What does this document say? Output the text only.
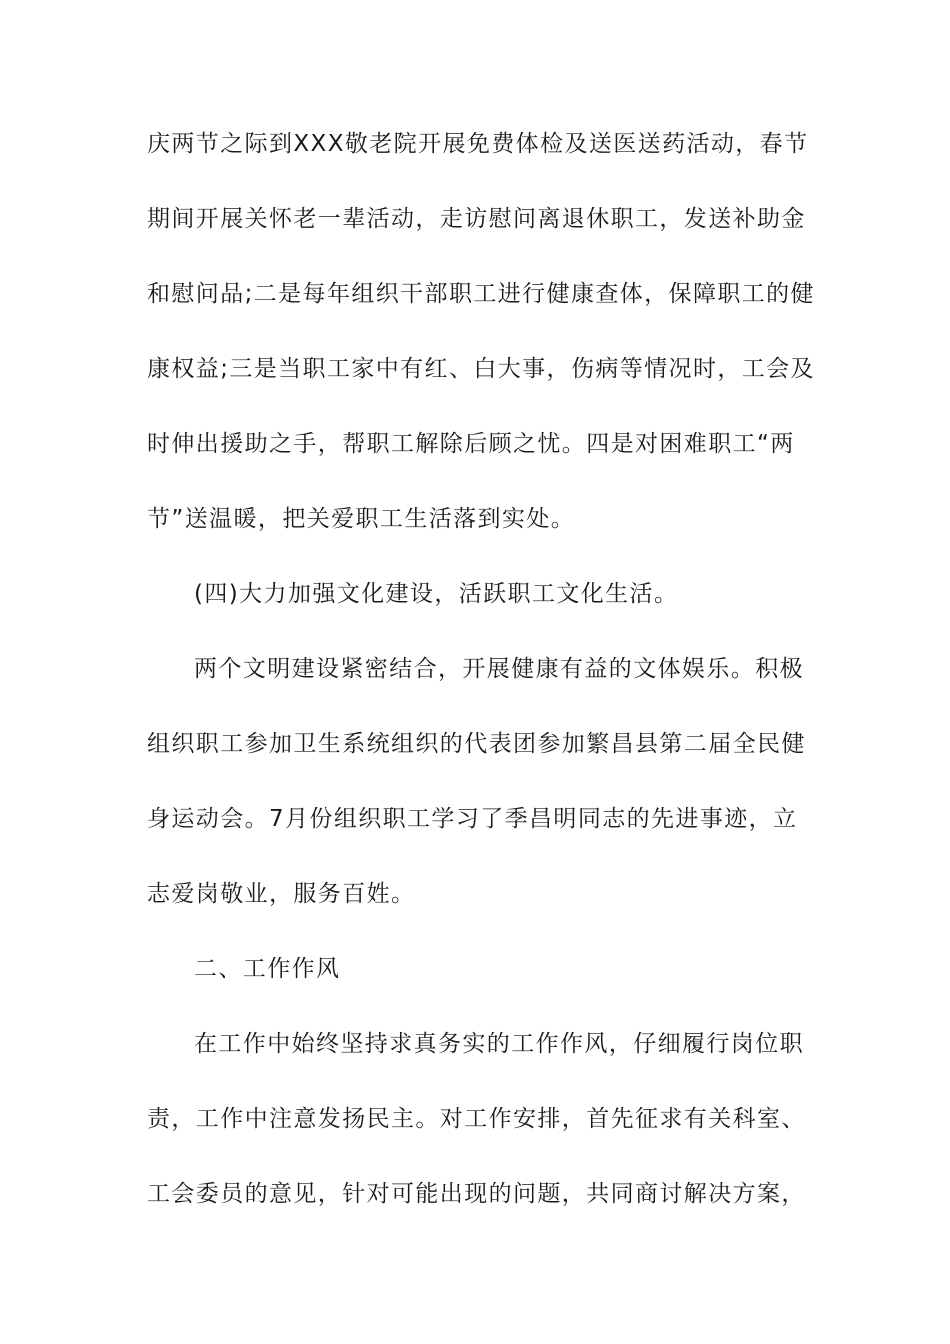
庆两节之际到XXX敬老院开展免费体检及送医送药活动，春节
期间开展关怀老一辈活动，走访慰问离退休职工，发送补助金
和慰问品;二是每年组织干部职工进行健康查体，保障职工的健
康权益;三是当职工家中有红、白大事，伤病等情况时，工会及
时伸出援助之手，帮职工解除后顾之忧。四是对困难职工“两
节”送温暖，把关爱职工生活落到实处。
(四)大力加强文化建设，活跃职工文化生活。
两个文明建设紧密结合，开展健康有益的文体娱乐。积极
组织职工参加卫生系统组织的代表团参加繁昌县第二届全民健
身运动会。7月份组织职工学习了季昌明同志的先进事迹，立
志爱岗敬业，服务百姓。
二、工作作风
在工作中始终坚持求真务实的工作作风，仔细履行岗位职
责，工作中注意发扬民主。对工作安排，首先征求有关科室、
工会委员的意见，针对可能出现的问题，共同商讨解决方案，
